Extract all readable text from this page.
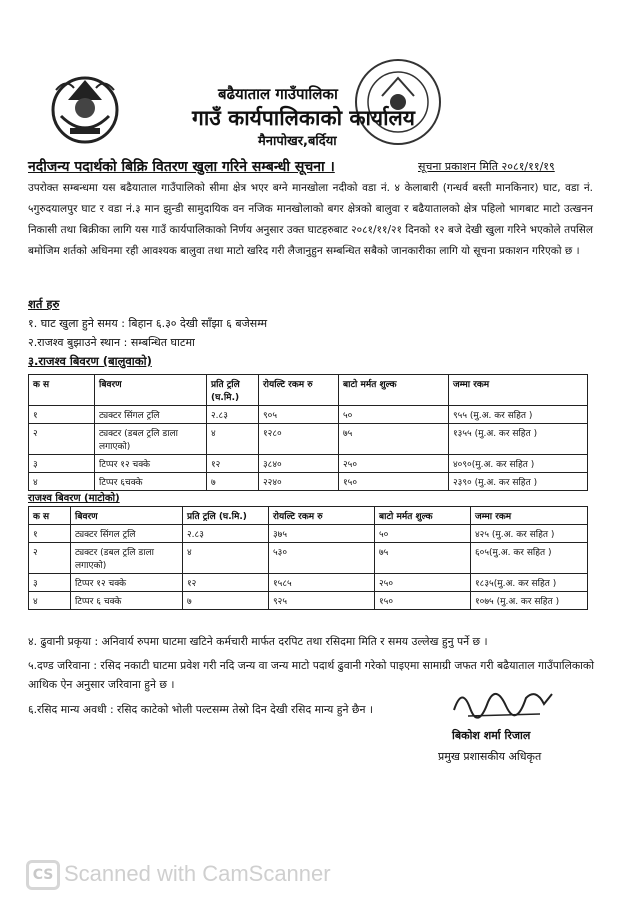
बढैयाताल गाउँपालिका
गाउँ कार्यपालिकाको कार्यालय
मैनापोखर,बर्दिया
नदीजन्य पदार्थको बिक्रि वितरण खुला गरिने सम्बन्धी सूचना ।	सूचना प्रकाशन मिति २०८१/११/१९
उपरोक्त सम्बन्धमा यस बढैयाताल गाउँपालिको सीमा क्षेत्र भएर बग्ने मानखोला नदीको वडा नं. ४ केलाबारी (गन्धर्व बस्ती मानकिनार) घाट, वडा नं. ५गुरुदयालपुर घाट र वडा नं.३ मान झुन्डी सामुदायिक वन नजिक मानखोलाको बगर क्षेत्रको बालुवा र बढैयातालको क्षेत्र पहिलो भागबाट माटो उत्खनन निकासी तथा बिक्रीका लागि यस गाउँ कार्यपालिकाको निर्णय अनुसार उक्त घाटहरुबाट २०८१/११/२१ दिनको १२ बजे देखी खुला गरिने भएकोले तपसिल बमोजिम शर्तको अधिनमा रही आवश्यक बालुवा तथा माटो खरिद गरी लैजानुहुन सम्बन्धित सबैको जानकारीका लागि यो सूचना प्रकाशन गरिएको छ ।
शर्त हरु
१. घाट खुला हुने समय : बिहान ६.३० देखी साँझा ६ बजेसम्म
२.राजश्व बुझाउने स्थान : सम्बन्धित घाटमा
३.राजश्व बिवरण (बालुवाको)
क स	बिवरण	प्रति ट्रलि (घ.मि.)	रोयल्टि रकम रु	बाटो मर्मत शुल्क	जम्मा रकम
१	ट्यक्टर सिंगल ट्रलि	२.८३	९०५	५०	९५५ (मु.अ. कर सहित )
२	ट्यक्टर (डबल ट्रलि डाला लगाएको)	४	१२८०	७५	१३५५ (मु.अ. कर सहित )
३	टिप्पर १२ चक्के	१२	३८४०	२५०	४०९०(मु.अ. कर सहित )
४	टिप्पर ६चक्के	७	२२४०	१५०	२३९० (मु.अ. कर सहित )
राजश्व बिवरण (माटोको)
क स	बिवरण	प्रति ट्रलि (घ.मि.)	रोयल्टि रकम रु	बाटो मर्मत शुल्क	जम्मा रकम
१	ट्यक्टर सिंगल ट्रलि	२.८३	३७५	५०	४२५ (मु.अ. कर सहित )
२	ट्यक्टर (डबल ट्रलि डाला लगाएको)	४	५३०	७५	६०५(मु.अ. कर सहित )
३	टिप्पर १२ चक्के	१२	१५८५	२५०	१८३५(मु.अ. कर सहित )
४	टिप्पर ६ चक्के	७	९२५	१५०	१०७५ (मु.अ. कर सहित )
४. ढुवानी प्रकृया : अनिवार्य रुपमा घाटमा खटिने कर्मचारी मार्फत दरपिट तथा रसिदमा मिति र समय उल्लेख हुनु पर्ने छ ।
५.दण्ड जरिवाना : रसिद नकाटी घाटमा प्रवेश गरी नदि जन्य वा जन्य माटो पदार्थ ढुवानी गरेको पाइएमा सामाग्री जफत गरी बढैयाताल गाउँपालिकाको आथिक ऐन अनुसार जरिवाना हुने छ ।
६.रसिद मान्य अवधी : रसिद काटेको भोली पल्टसम्म तेस्रो दिन देखी रसिद मान्य हुने छैन ।
बिकोश शर्मा रिजाल
प्रमुख प्रशासकीय अधिकृत
CS Scanned with CamScanner
